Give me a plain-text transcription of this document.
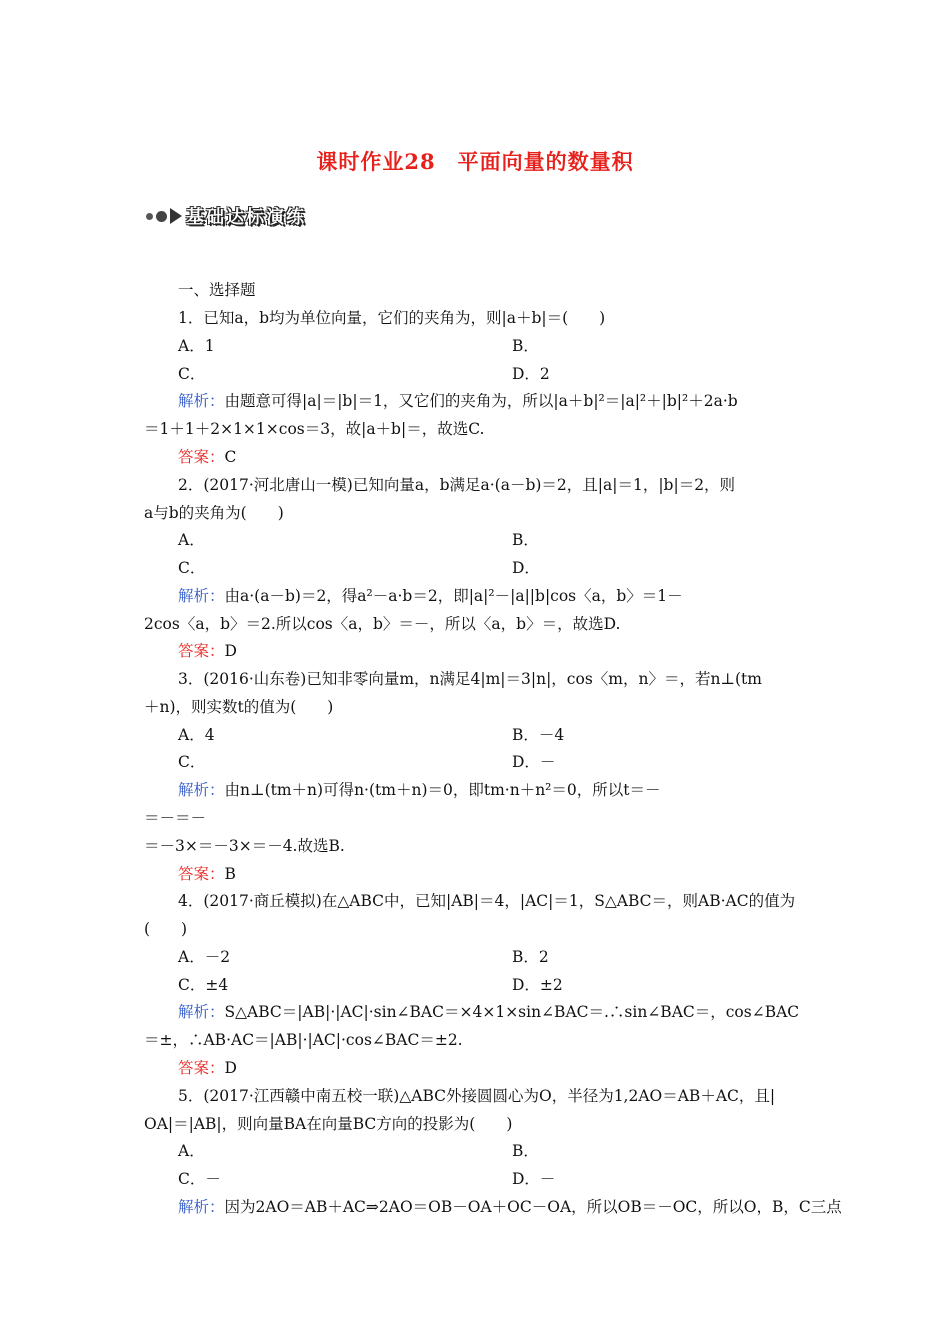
课时作业28　平面向量的数量积
基础达标演练
一、选择题
1．已知a，b均为单位向量，它们的夹角为，则|a＋b|＝(　　)
A．1	B．
C．	D．2
解析：由题意可得|a|＝|b|＝1，又它们的夹角为，所以|a＋b|²＝|a|²＋|b|²＋2a·b
＝1＋1＋2×1×1×cos＝3，故|a＋b|＝，故选C.
答案：C
2．(2017·河北唐山一模)已知向量a，b满足a·(a－b)＝2，且|a|＝1，|b|＝2，则
a与b的夹角为(　　)
A．	B．
C．	D．
解析：由a·(a－b)＝2，得a²－a·b＝2，即|a|²－|a||b|cos〈a，b〉＝1－
2cos〈a，b〉＝2.所以cos〈a，b〉＝－，所以〈a，b〉＝，故选D.
答案：D
3．(2016·山东卷)已知非零向量m，n满足4|m|＝3|n|，cos〈m，n〉＝，若n⊥(tm
＋n)，则实数t的值为(　　)
A．4	B．－4
C．	D．－
解析：由n⊥(tm＋n)可得n·(tm＋n)＝0，即tm·n＋n²＝0，所以t＝－
＝－＝－
＝－3×＝－3×＝－4.故选B.
答案：B
4．(2017·商丘模拟)在△ABC中，已知|AB|＝4，|AC|＝1，S△ABC＝，则AB·AC的值为
(　　)
A．－2	B．2
C．±4	D．±2
解析：S△ABC＝|AB|·|AC|·sin∠BAC＝×4×1×sin∠BAC＝.∴sin∠BAC＝，cos∠BAC
＝±，∴AB·AC＝|AB|·|AC|·cos∠BAC＝±2.
答案：D
5．(2017·江西赣中南五校一联)△ABC外接圆圆心为O，半径为1,2AO＝AB＋AC，且|
OA|＝|AB|，则向量BA在向量BC方向的投影为(　　)
A．	B．
C．－	D．－
解析：因为2AO＝AB＋AC⇒2AO＝OB－OA＋OC－OA，所以OB＝－OC，所以O，B，C三点
